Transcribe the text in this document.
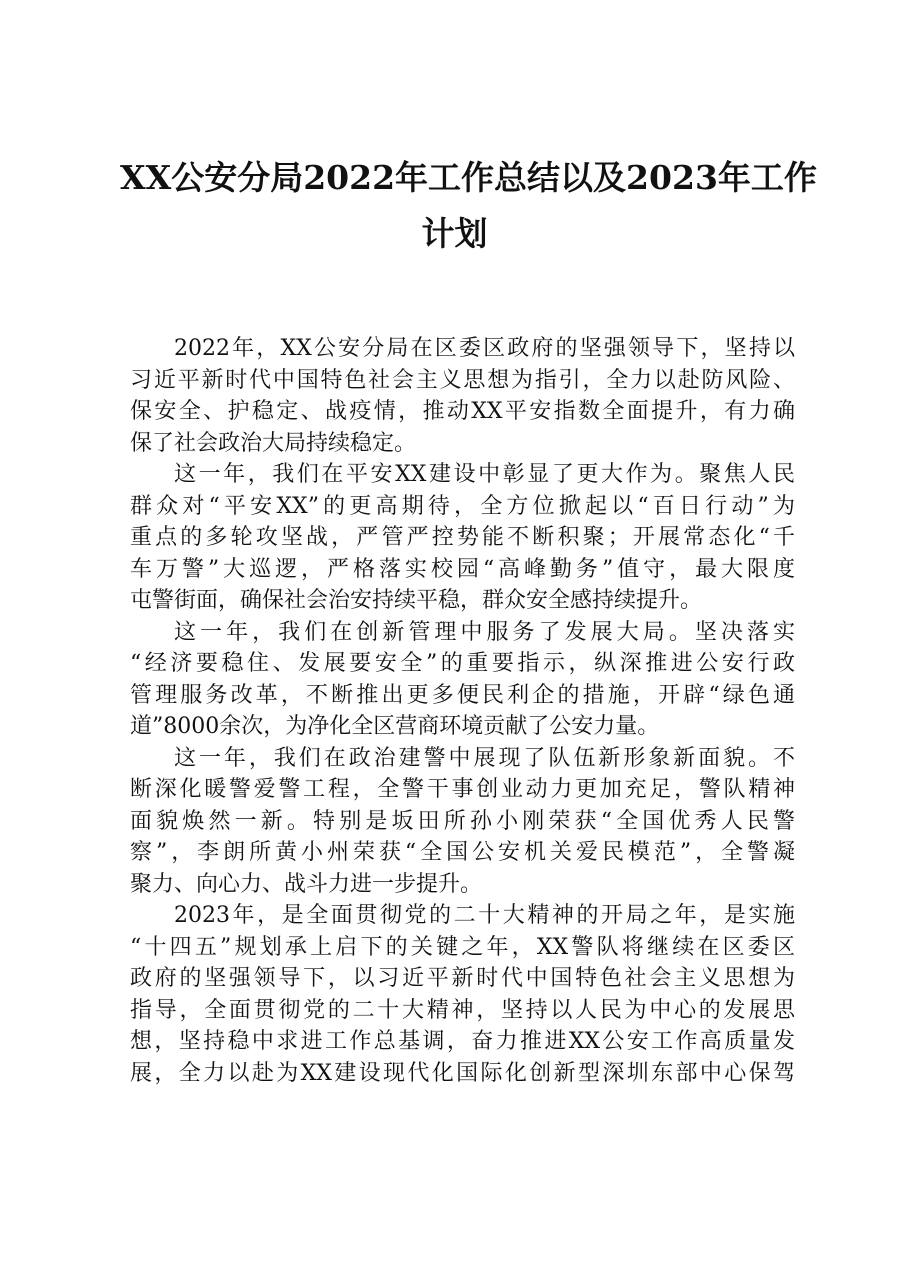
XX公安分局2022年工作总结以及2023年工作
计划

2022年，XX公安分局在区委区政府的坚强领导下，坚持以
习近平新时代中国特色社会主义思想为指引，全力以赴防风险、
保安全、护稳定、战疫情，推动XX平安指数全面提升，有力确
保了社会政治大局持续稳定。

这一年，我们在平安XX建设中彰显了更大作为。聚焦人民
群众对“平安XX”的更高期待，全方位掀起以“百日行动”为
重点的多轮攻坚战，严管严控势能不断积聚；开展常态化“千
车万警”大巡逻，严格落实校园“高峰勤务”值守，最大限度
屯警街面，确保社会治安持续平稳，群众安全感持续提升。

这一年，我们在创新管理中服务了发展大局。坚决落实
“经济要稳住、发展要安全”的重要指示，纵深推进公安行政
管理服务改革，不断推出更多便民利企的措施，开辟“绿色通
道”8000余次，为净化全区营商环境贡献了公安力量。

这一年，我们在政治建警中展现了队伍新形象新面貌。不
断深化暖警爱警工程，全警干事创业动力更加充足，警队精神
面貌焕然一新。特别是坂田所孙小刚荣获“全国优秀人民警
察”，李朗所黄小州荣获“全国公安机关爱民模范”，全警凝
聚力、向心力、战斗力进一步提升。

2023年，是全面贯彻党的二十大精神的开局之年，是实施
“十四五”规划承上启下的关键之年，XX警队将继续在区委区
政府的坚强领导下，以习近平新时代中国特色社会主义思想为
指导，全面贯彻党的二十大精神，坚持以人民为中心的发展思
想，坚持稳中求进工作总基调，奋力推进XX公安工作高质量发
展，全力以赴为XX建设现代化国际化创新型深圳东部中心保驾
